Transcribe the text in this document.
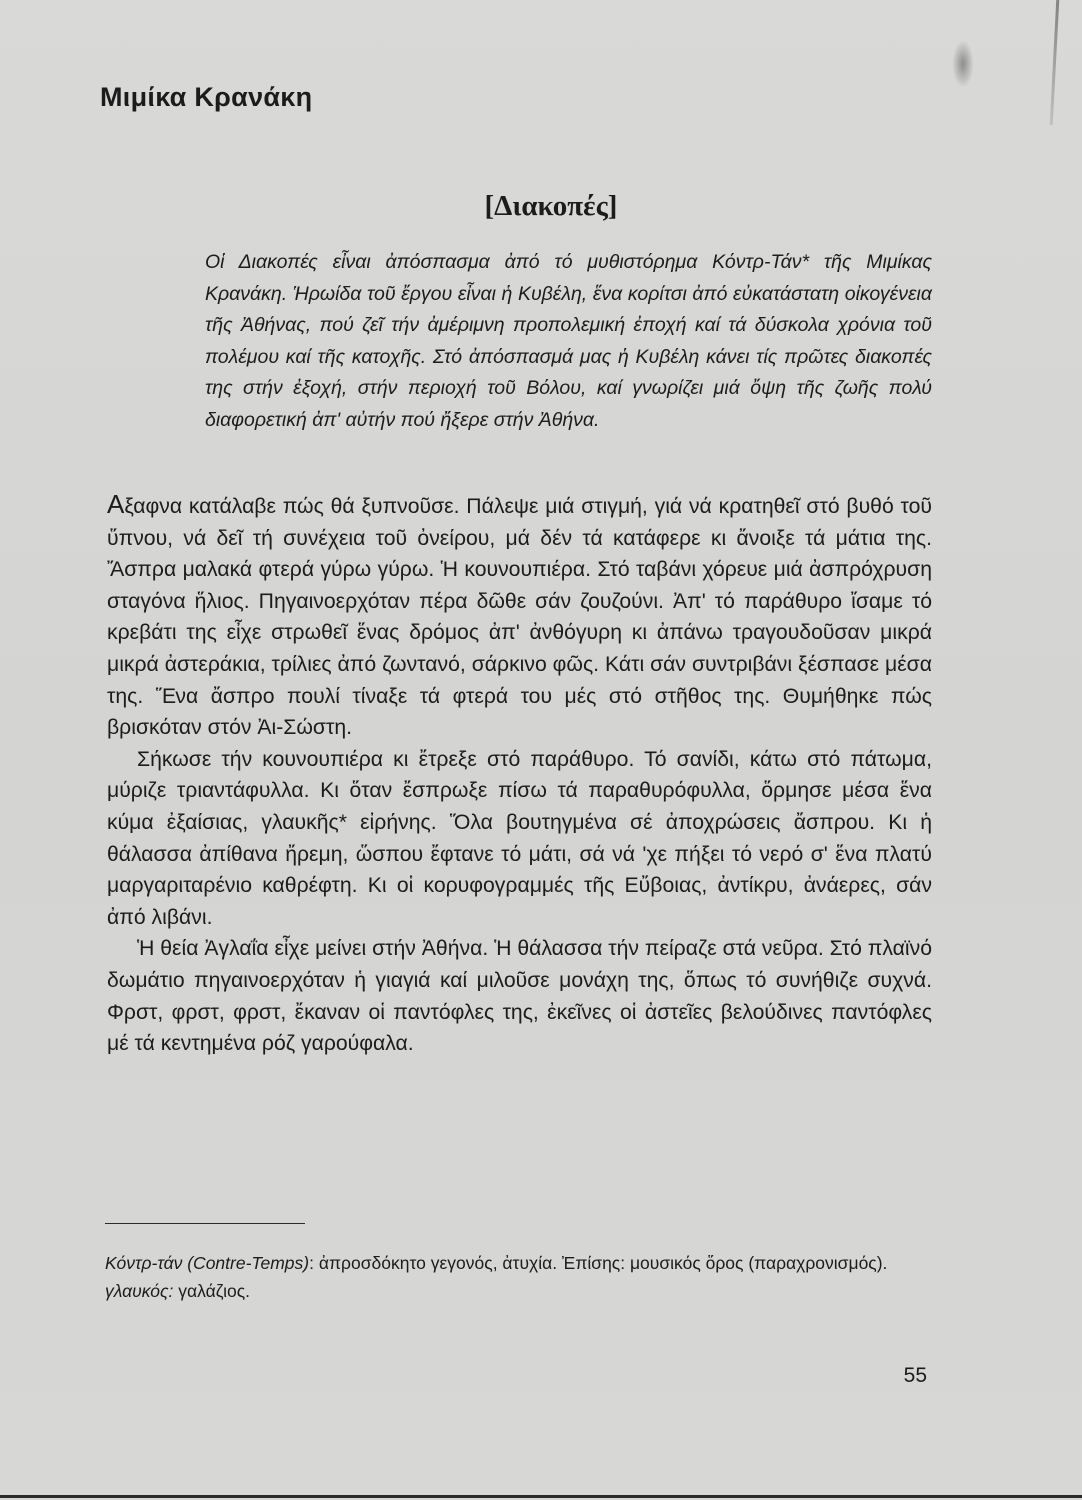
Μιμίκα Κρανάκη
[Διακοπές]

Οἱ Διακοπές εἶναι ἀπόσπασμα ἀπό τό μυθιστόρημα Κόντρ-Τάν* τῆς Μιμίκας Κρανάκη. Ἡρωίδα τοῦ ἔργου εἶναι ἡ Κυβέλη, ἕνα κορίτσι ἀπό εὐκατάστατη οἰκογένεια τῆς Ἀθήνας, πού ζεῖ τήν ἀμέριμνη προπολεμική ἐποχή καί τά δύσκολα χρόνια τοῦ πολέμου καί τῆς κατοχῆς. Στό ἀπόσπασμά μας ἡ Κυβέλη κάνει τίς πρῶτες διακοπές της στήν ἐξοχή, στήν περιοχή τοῦ Βόλου, καί γνωρίζει μιά ὄψη τῆς ζωῆς πολύ διαφορετική ἀπ' αὐτήν πού ἤξερε στήν Ἀθήνα.

Αξαφνα κατάλαβε πώς θά ξυπνοῦσε. Πάλεψε μιά στιγμή, γιά νά κρατηθεῖ στό βυθό τοῦ ὕπνου, νά δεῖ τή συνέχεια τοῦ ὀνείρου, μά δέν τά κατάφερε κι ἄνοιξε τά μάτια της. Ἄσπρα μαλακά φτερά γύρω γύρω. Ἡ κουνουπιέρα. Στό ταβάνι χόρευε μιά ἀσπρόχρυση σταγόνα ἥλιος. Πηγαινοερχόταν πέρα δῶθε σάν ζουζούνι. Ἀπ' τό παράθυρο ἴσαμε τό κρεβάτι της εἶχε στρωθεῖ ἕνας δρόμος ἀπ' ἀνθόγυρη κι ἀπάνω τραγουδοῦσαν μικρά μικρά ἀστεράκια, τρίλιες ἀπό ζωντανό, σάρκινο φῶς. Κάτι σάν συντριβάνι ξέσπασε μέσα της. Ἕνα ἄσπρο πουλί τίναξε τά φτερά του μές στό στῆθος της. Θυμήθηκε πώς βρισκόταν στόν Ἀι-Σώστη.

Σήκωσε τήν κουνουπιέρα κι ἔτρεξε στό παράθυρο. Τό σανίδι, κάτω στό πάτωμα, μύριζε τριαντάφυλλα. Κι ὅταν ἔσπρωξε πίσω τά παραθυρόφυλλα, ὅρμησε μέσα ἕνα κύμα ἐξαίσιας, γλαυκῆς* εἰρήνης. Ὅλα βουτηγμένα σέ ἀποχρώσεις ἄσπρου. Κι ἡ θάλασσα ἀπίθανα ἤρεμη, ὥσπου ἔφτανε τό μάτι, σά νά 'χε πήξει τό νερό σ' ἕνα πλατύ μαργαριταρένιο καθρέφτη. Κι οἱ κορυφογραμμές τῆς Εὔβοιας, ἀντίκρυ, ἀνάερες, σάν ἀπό λιβάνι.

Ἡ θεία Ἀγλαΐα εἶχε μείνει στήν Ἀθήνα. Ἡ θάλασσα τήν πείραζε στά νεῦρα. Στό πλαϊνό δωμάτιο πηγαινοερχόταν ἡ γιαγιά καί μιλοῦσε μονάχη της, ὅπως τό συνήθιζε συχνά. Φρστ, φρστ, φρστ, ἔκαναν οἱ παντόφλες της, ἐκεῖνες οἱ ἀστεῖες βελούδινες παντόφλες μέ τά κεντημένα ρόζ γαρούφαλα.

Κόντρ-τάν (Contre-Temps): ἀπροσδόκητο γεγονός, ἀτυχία. Ἐπίσης: μουσικός ὅρος (παραχρονισμός).

γλαυκός: γαλάζιος.

55
